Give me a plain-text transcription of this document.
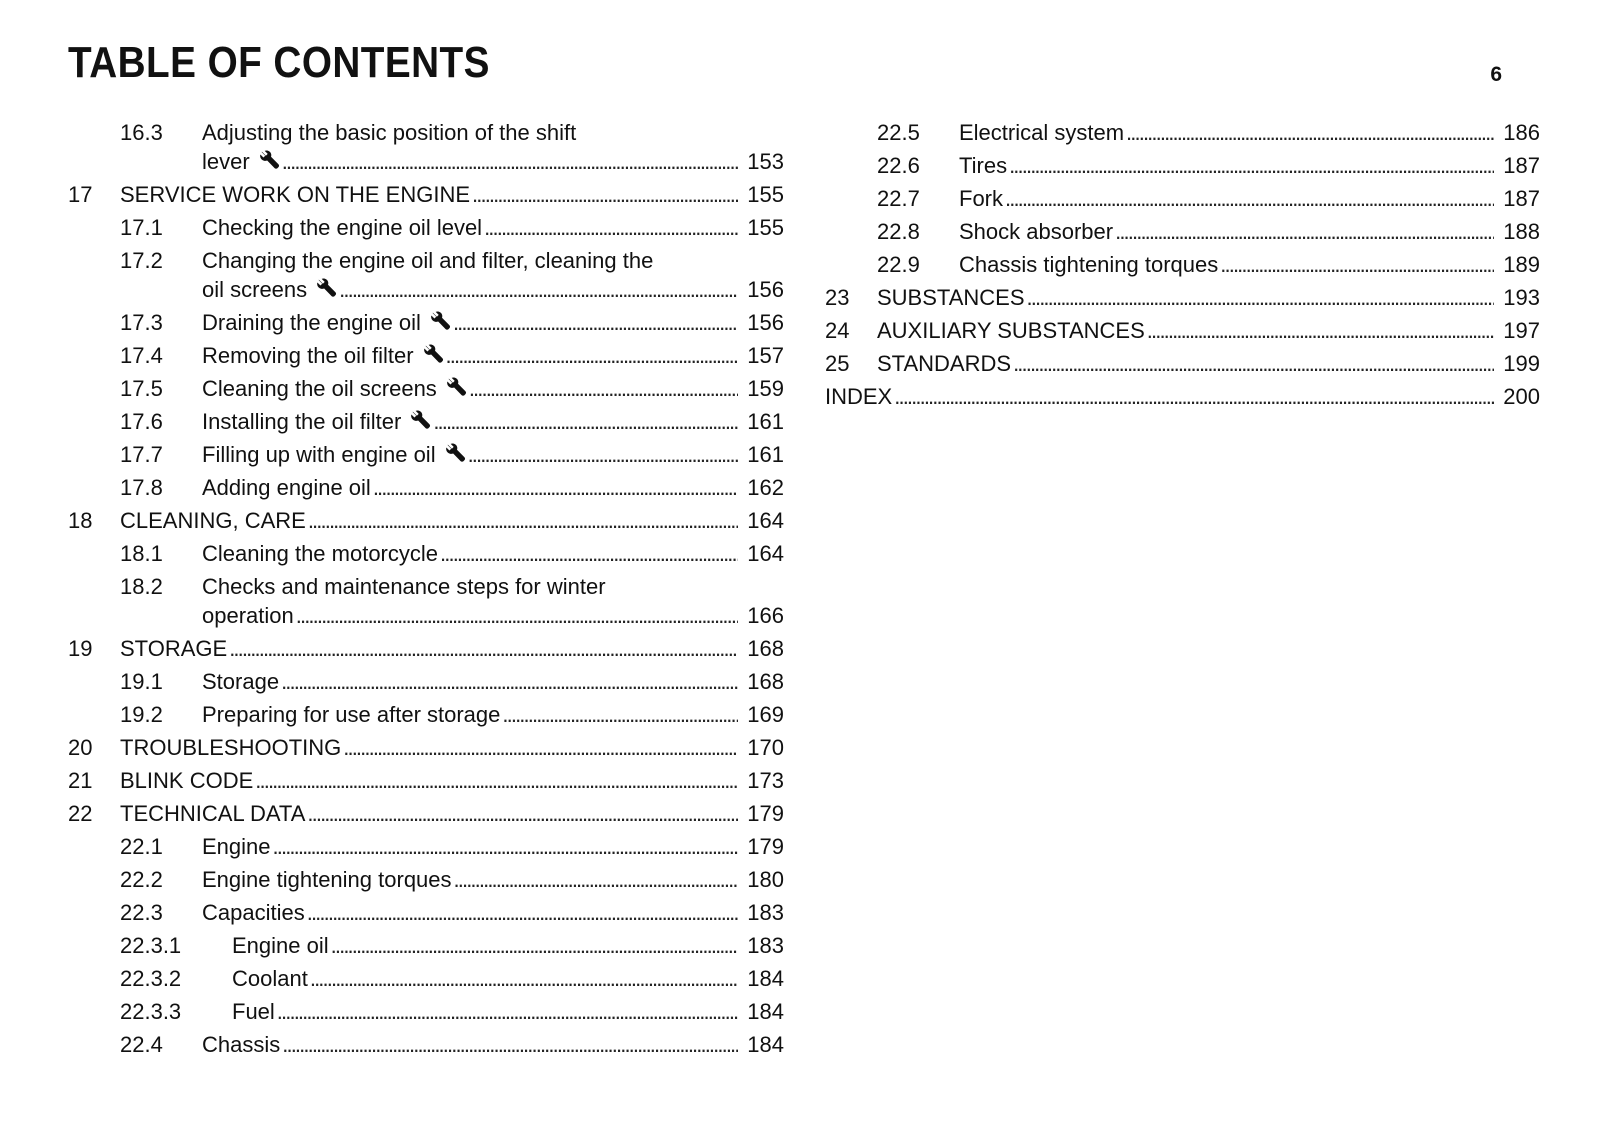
TABLE OF CONTENTS	6
16.3	Adjusting the basic position of the shift
lever . . .	153
17	SERVICE WORK ON THE ENGINE . . .	155
17.1	Checking the engine oil level . . .	155
17.2	Changing the engine oil and filter, cleaning the
oil screens . . .	156
17.3	Draining the engine oil . . .	156
17.4	Removing the oil filter . . .	157
17.5	Cleaning the oil screens . . .	159
17.6	Installing the oil filter . . .	161
17.7	Filling up with engine oil . . .	161
17.8	Adding engine oil . . .	162
18	CLEANING, CARE . . .	164
18.1	Cleaning the motorcycle . . .	164
18.2	Checks and maintenance steps for winter
operation . . .	166
19	STORAGE . . .	168
19.1	Storage . . .	168
19.2	Preparing for use after storage . . .	169
20	TROUBLESHOOTING . . .	170
21	BLINK CODE . . .	173
22	TECHNICAL DATA . . .	179
22.1	Engine . . .	179
22.2	Engine tightening torques . . .	180
22.3	Capacities . . .	183
22.3.1	Engine oil . . .	183
22.3.2	Coolant . . .	184
22.3.3	Fuel . . .	184
22.4	Chassis . . .	184
22.5	Electrical system . . .	186
22.6	Tires . . .	187
22.7	Fork . . .	187
22.8	Shock absorber . . .	188
22.9	Chassis tightening torques . . .	189
23	SUBSTANCES . . .	193
24	AUXILIARY SUBSTANCES . . .	197
25	STANDARDS . . .	199
INDEX . . .	200
